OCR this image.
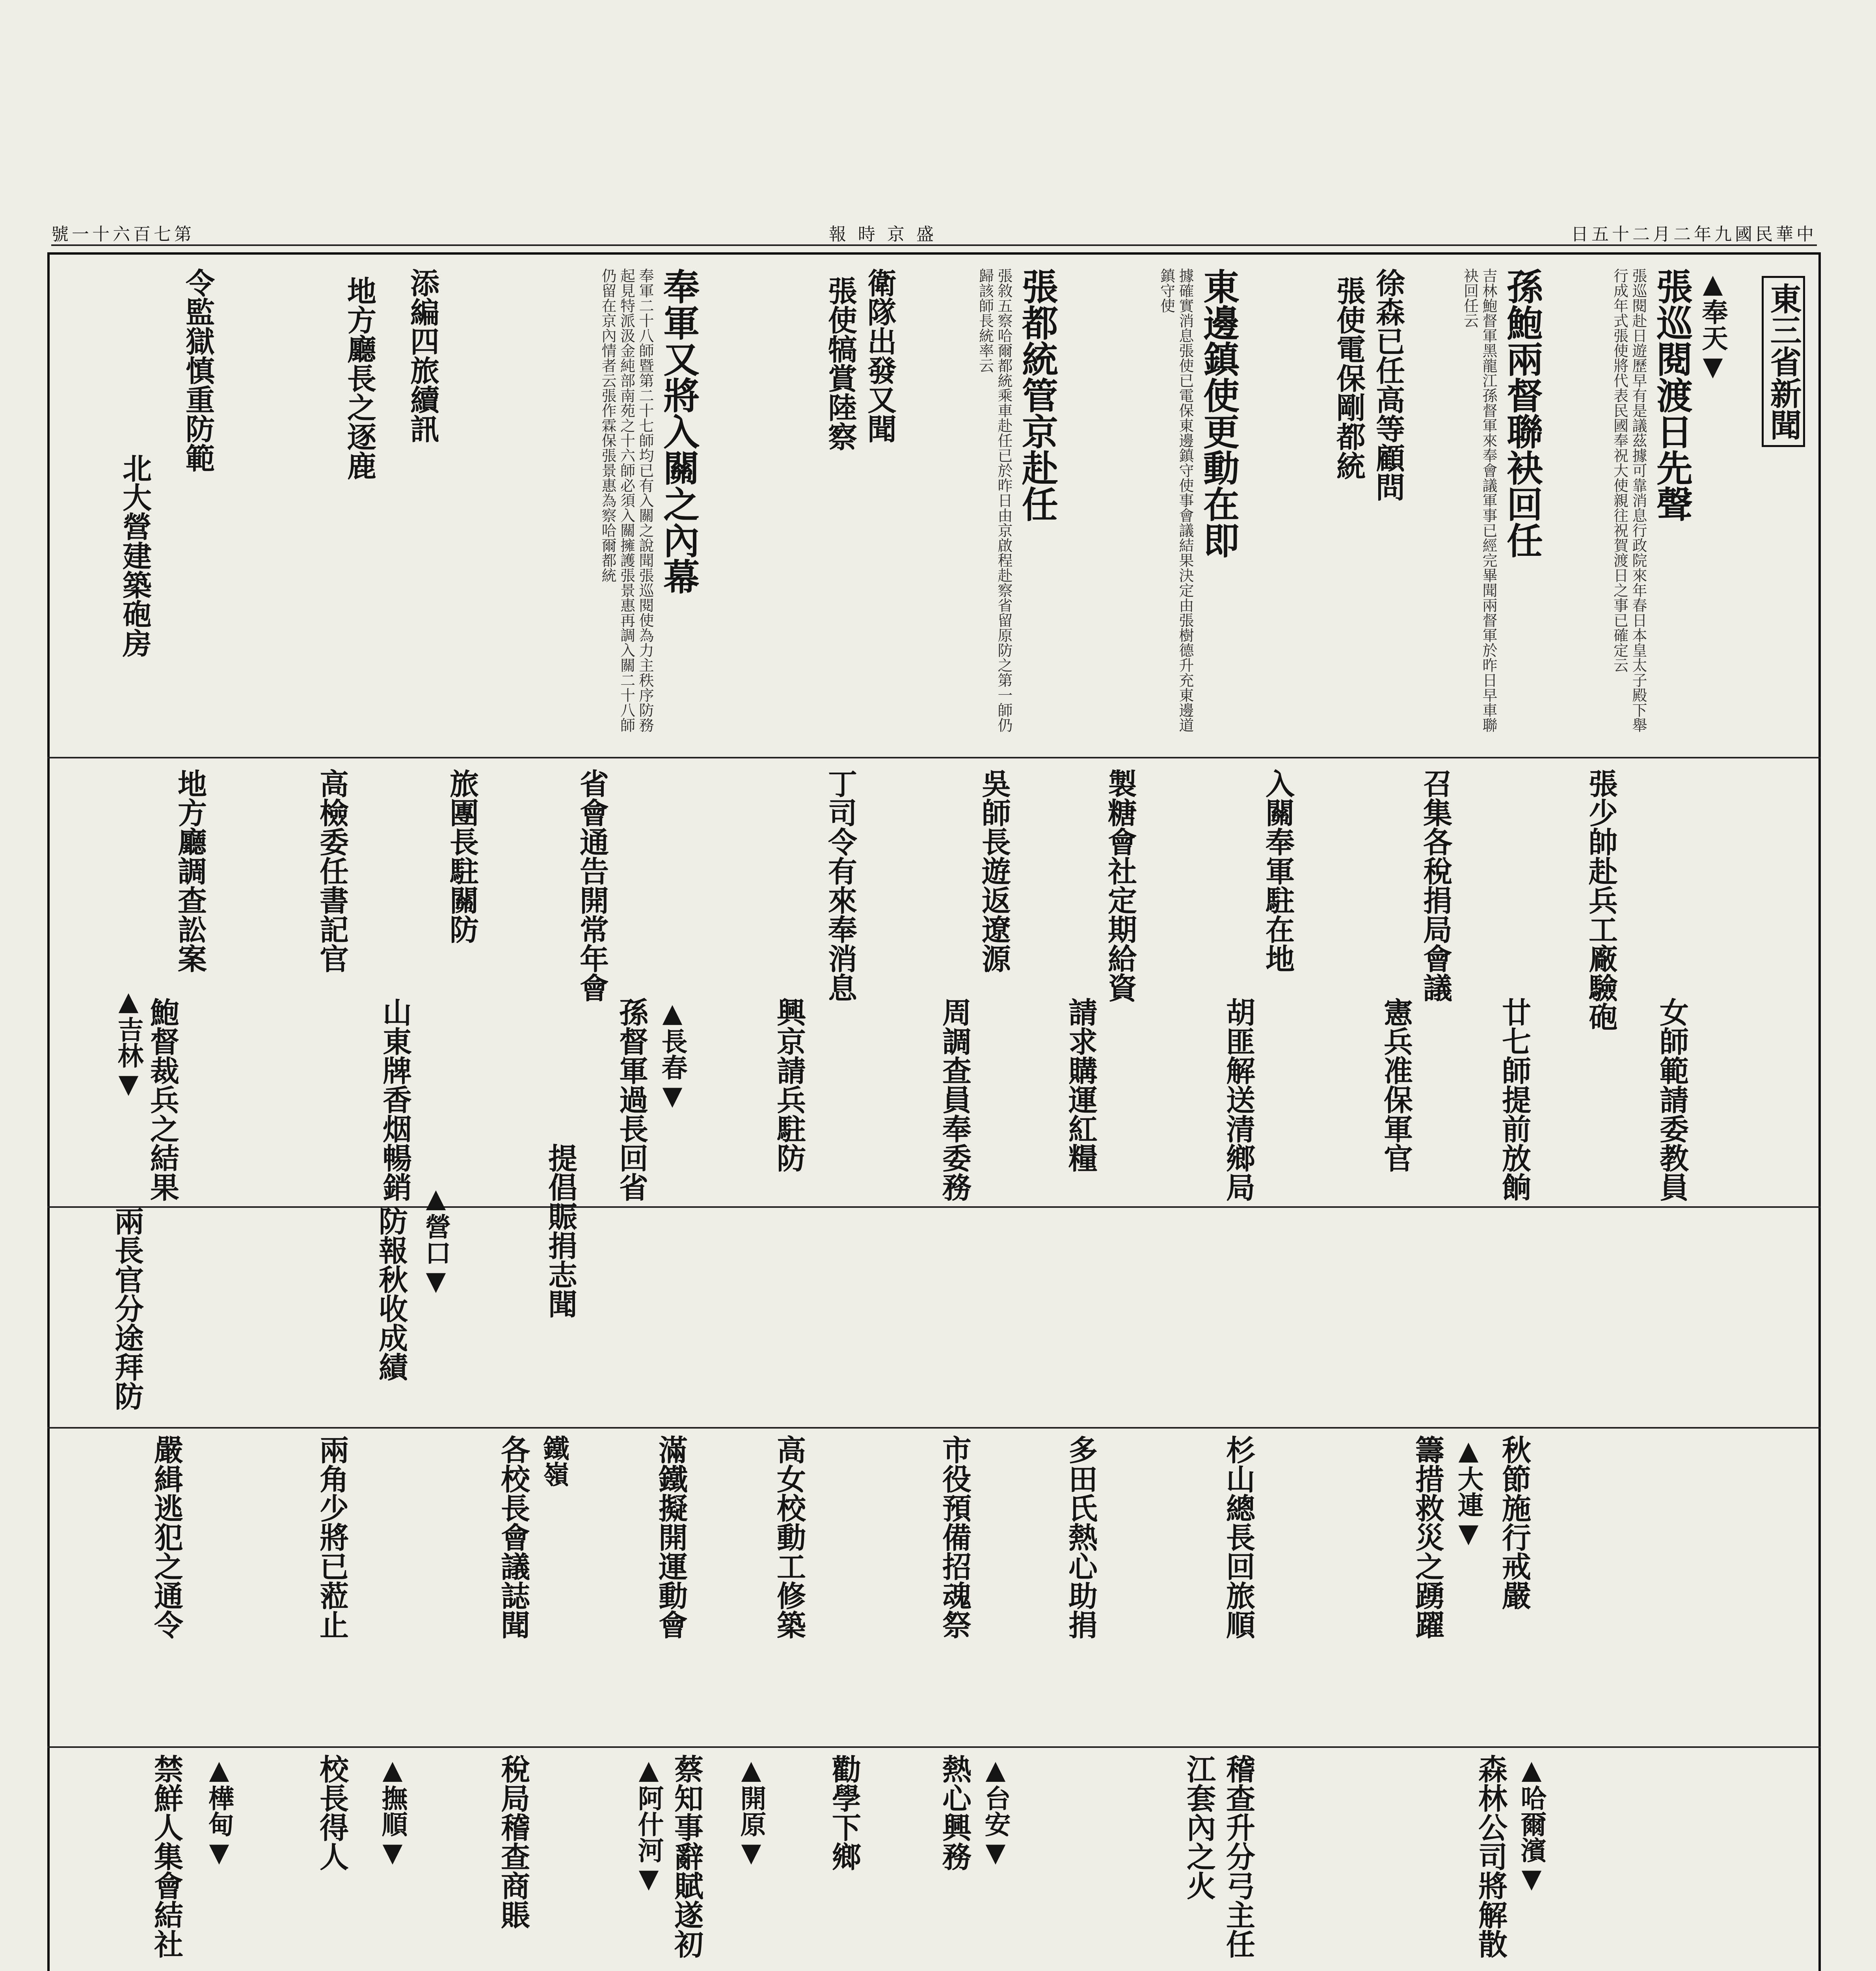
號一十六百七第	報 時 京 盛	日五十二月二年九國民華中
東三省新聞
▲奉天▼
張巡閱渡日先聲
張巡閱赴日遊歷早有是議茲據可靠消息行政院來年春日本皇太子殿下舉行成年式張使將代表民國奉祝大使親往祝賀渡日之事已確定云
孫鮑兩督聯袂回任
吉林鮑督軍黑龍江孫督軍來奉會議軍事已經完畢聞兩督軍於昨日早車聯袂回任云
徐森已任高等顧問
張使電保剛都統
東邊鎮使更動在即
據確實消息張使已電保東邊鎮守使事會議結果決定由張樹德升充東邊道鎮守使
張都統管京赴任
張敘五察哈爾都統乘車赴任已於昨日由京啟程赴察省留原防之第一師仍歸該師長統率云
衛隊出發又聞
張使犒賞陸察
奉軍又將入關之內幕
奉軍二十八師暨第二十七師均已有入關之說聞張巡閱使為力主秩序防務起見特派汲金純部南苑之十六師必須入關擁護張景惠再調入關二十八師仍留在京內情者云張作霖保張景惠為察哈爾都統
添編四旅續訊
地方廳長之逐鹿
令監獄慎重防範
北大營建築砲房
張少帥赴兵工廠驗砲
召集各稅捐局會議
入關奉軍駐在地
製糖會社定期給資
吳師長遊返遼源
丁司令有來奉消息
省會通告開常年會
旅團長駐關防
高檢委任書記官
地方廳調查訟案
▲吉林▼	女師範請委教員
廿七師提前放餉
憲兵准保軍官
胡匪解送清鄉局
請求購運紅糧
周調查員奉委務
興京請兵駐防
▲長春▼
孫督軍過長回省
山東牌香烟暢銷
鮑督裁兵之結果
秋節施行戒嚴
▲大連▼
籌措救災之踴躍
杉山總長回旅順
多田氏熱心助捐
市役預備招魂祭
高女校動工修築
滿鐵擬開運動會
提倡賑捐志聞
▲營口▼
鐵嶺
各校長會議誌聞
防報秋收成績
兩角少將已蒞止
嚴緝逃犯之通令
兩長官分途拜防
▲哈爾濱▼
森林公司將解散
稽查升分弓主任
江套內之火
▲台安▼
熱心興務
勸學下鄉
▲開原▼
蔡知事辭賦遂初
▲阿什河▼
稅局稽查商賬
▲撫順▼
校長得人
▲樺甸▼
禁鮮人集會結社
